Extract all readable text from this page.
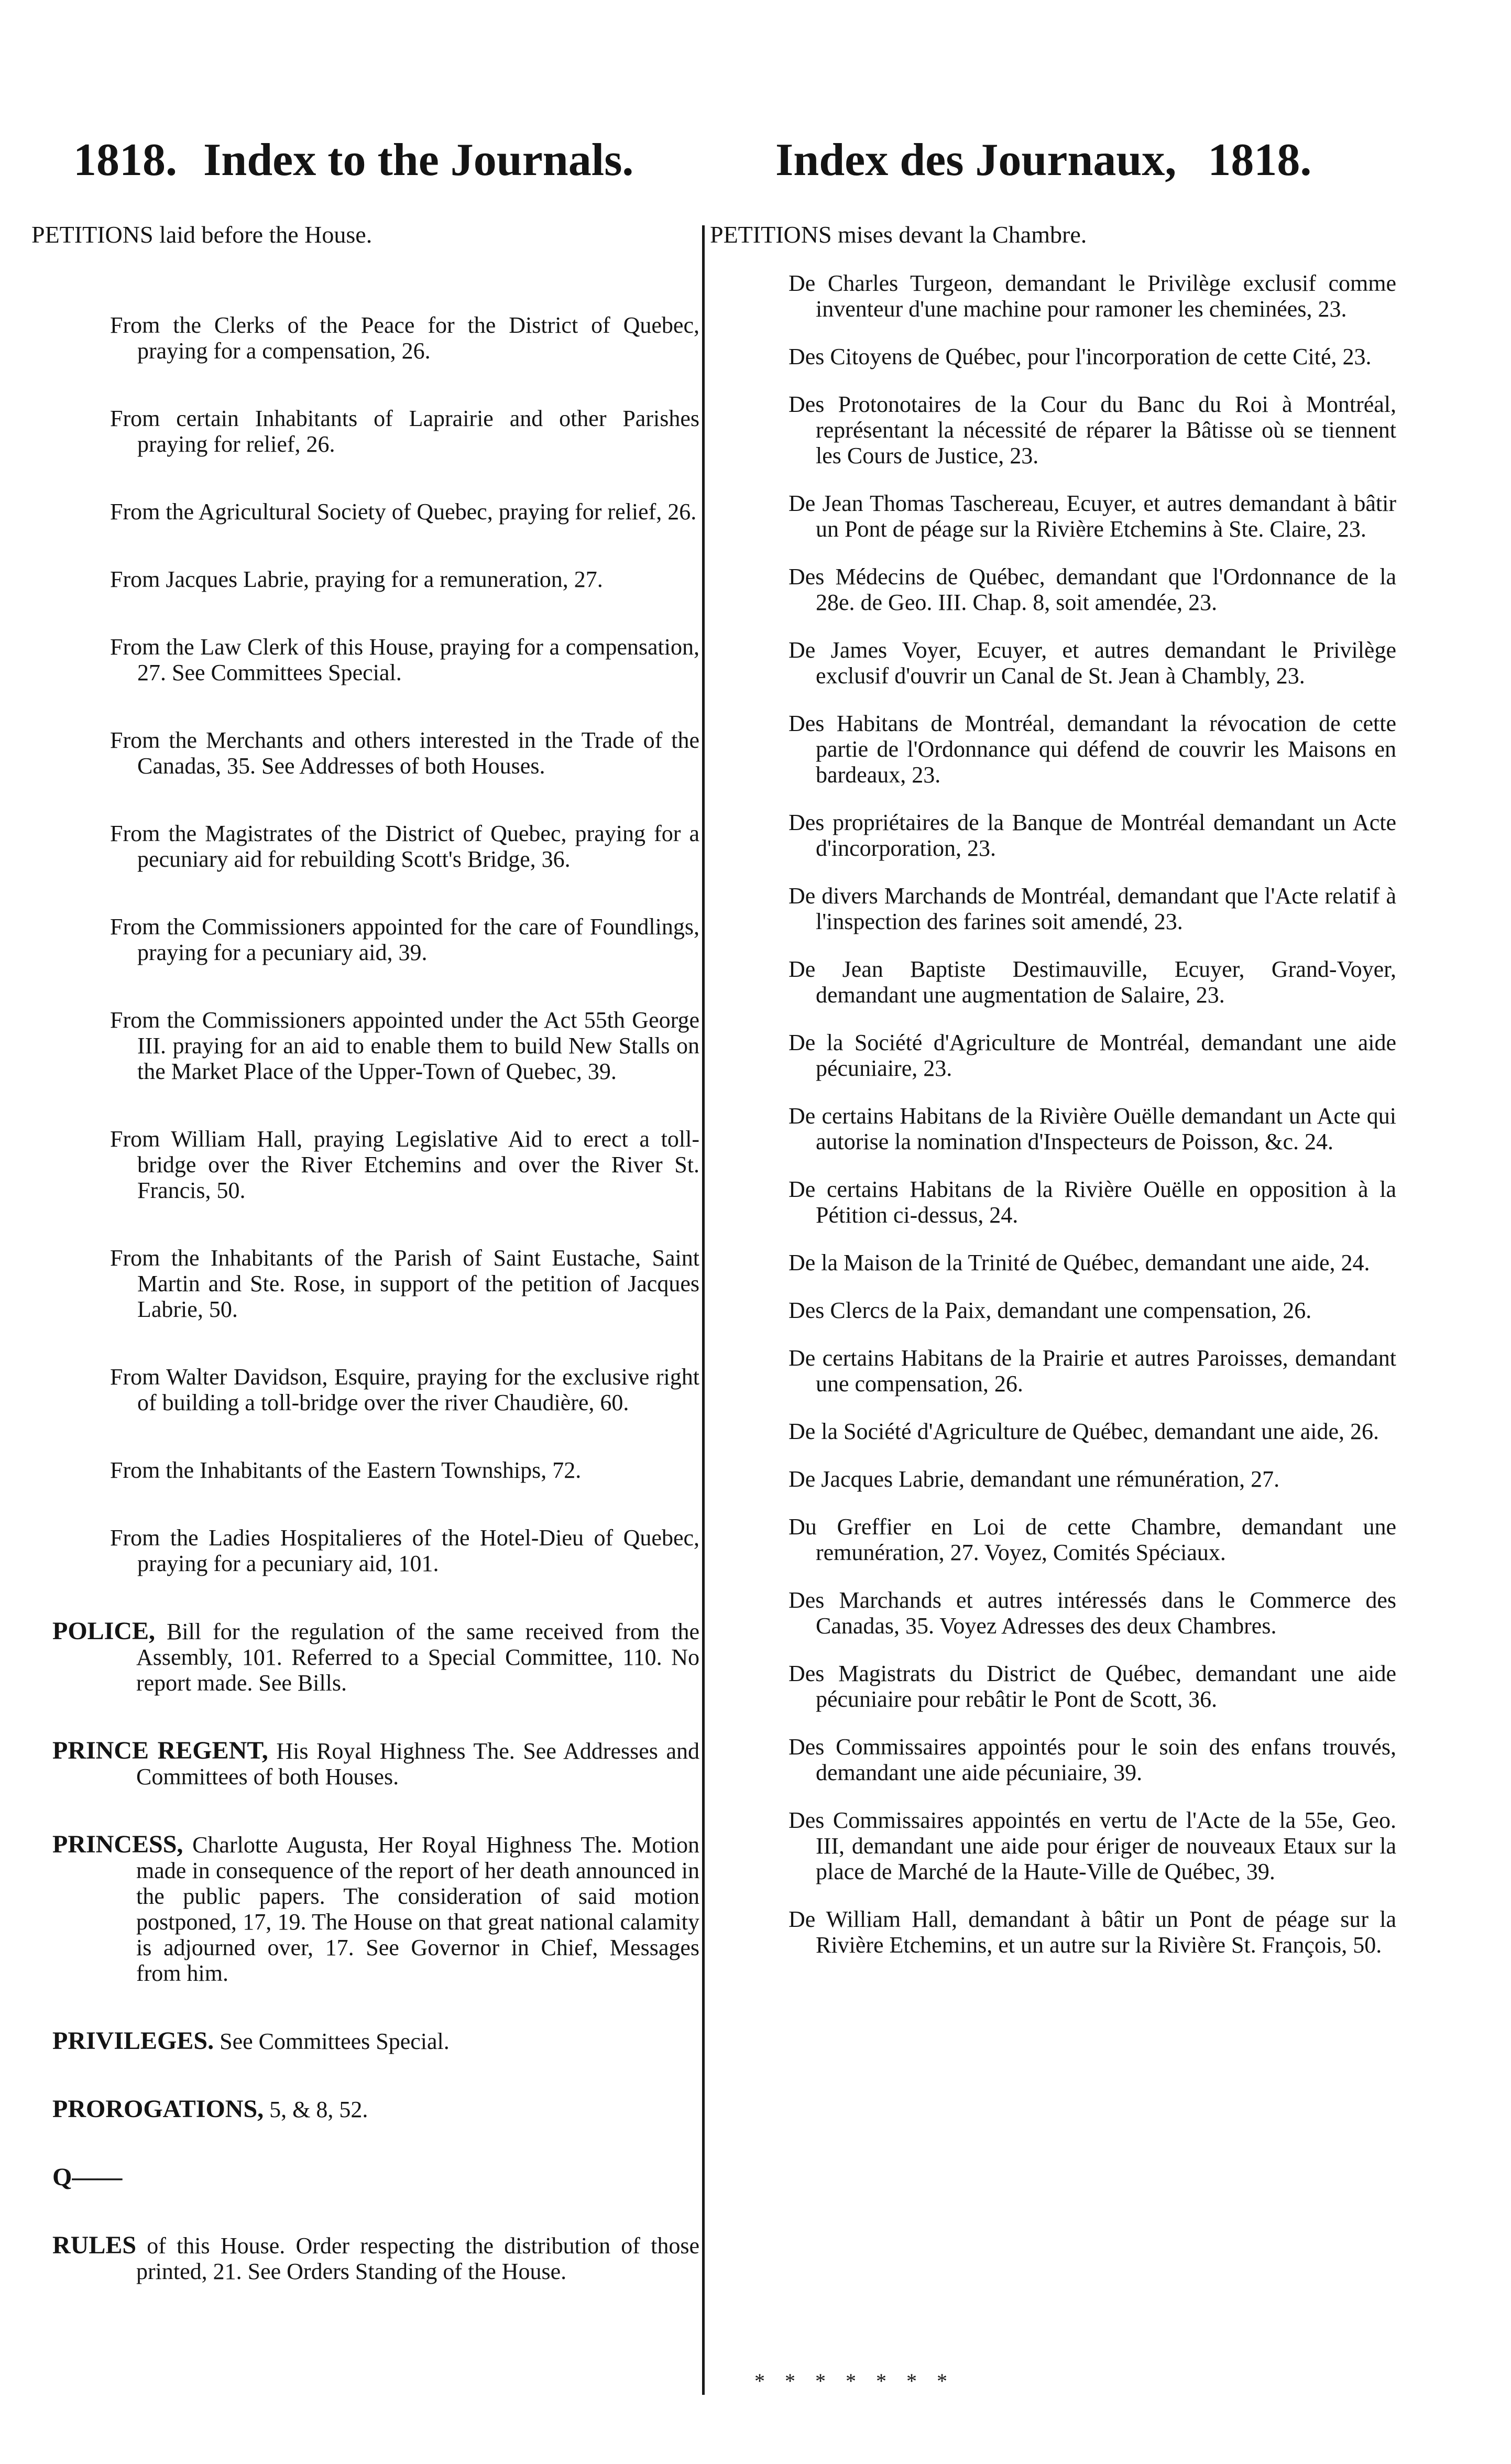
1818. Index to the Journals.	Index des Journaux, 1818.
PETITIONS laid before the House.

From the Clerks of the Peace for the District of Quebec, praying for a compensation, 26.

From certain Inhabitants of Laprairie and other Parishes praying for relief, 26.

From the Agricultural Society of Quebec, praying for relief, 26.

From Jacques Labrie, praying for a remuneration, 27.

From the Law Clerk of this House, praying for a compensation, 27. See Committees Special.

From the Merchants and others interested in the Trade of the Canadas, 35. See Addresses of both Houses.

From the Magistrates of the District of Quebec, praying for a pecuniary aid for rebuilding Scott's Bridge, 36.

From the Commissioners appointed for the care of Foundlings, praying for a pecuniary aid, 39.

From the Commissioners appointed under the Act 55th George III. praying for an aid to enable them to build New Stalls on the Market Place of the Upper-Town of Quebec, 39.

From William Hall, praying Legislative Aid to erect a toll-bridge over the River Etchemins and over the River St. Francis, 50.

From the Inhabitants of the Parish of Saint Eustache, Saint Martin and Ste. Rose, in support of the petition of Jacques Labrie, 50.

From Walter Davidson, Esquire, praying for the exclusive right of building a toll-bridge over the river Chaudière, 60.

From the Inhabitants of the Eastern Townships, 72.

From the Ladies Hospitalieres of the Hotel-Dieu of Quebec, praying for a pecuniary aid, 101.

POLICE, Bill for the regulation of the same received from the Assembly, 101. Referred to a Special Committee, 110. No report made. See Bills.

PRINCE REGENT, His Royal Highness The. See Addresses and Committees of both Houses.

PRINCESS, Charlotte Augusta, Her Royal Highness The. Motion made in consequence of the report of her death announced in the public papers. The consideration of said motion postponed, 17, 19. The House on that great national calamity is adjourned over, 17. See Governor in Chief, Messages from him.

PRIVILEGES. See Committees Special.

PROROGATIONS, 5, & 8, 52.

Q——

RULES of this House. Order respecting the distribution of those printed, 21. See Orders Standing of the House.

PETITIONS mises devant la Chambre.

De Charles Turgeon, demandant le Privilège exclusif comme inventeur d'une machine pour ramoner les cheminées, 23.

Des Citoyens de Québec, pour l'incorporation de cette Cité, 23.

Des Protonotaires de la Cour du Banc du Roi à Montréal, représentant la nécessité de réparer la Bâtisse où se tiennent les Cours de Justice, 23.

De Jean Thomas Taschereau, Ecuyer, et autres demandant à bâtir un Pont de péage sur la Rivière Etchemins à Ste. Claire, 23.

Des Médecins de Québec, demandant que l'Ordonnance de la 28e. de Geo. III. Chap. 8, soit amendée, 23.

De James Voyer, Ecuyer, et autres demandant le Privilège exclusif d'ouvrir un Canal de St. Jean à Chambly, 23.

Des Habitans de Montréal, demandant la révocation de cette partie de l'Ordonnance qui défend de couvrir les Maisons en bardeaux, 23.

Des propriétaires de la Banque de Montréal demandant un Acte d'incorporation, 23.

De divers Marchands de Montréal, demandant que l'Acte relatif à l'inspection des farines soit amendé, 23.

De Jean Baptiste Destimauville, Ecuyer, Grand-Voyer, demandant une augmentation de Salaire, 23.

De la Société d'Agriculture de Montréal, demandant une aide pécuniaire, 23.

De certains Habitans de la Rivière Ouëlle demandant un Acte qui autorise la nomination d'Inspecteurs de Poisson, &c. 24.

De certains Habitans de la Rivière Ouëlle en opposition à la Pétition ci-dessus, 24.

De la Maison de la Trinité de Québec, demandant une aide, 24.

Des Clercs de la Paix, demandant une compensation, 26.

De certains Habitans de la Prairie et autres Paroisses, demandant une compensation, 26.

De la Société d'Agriculture de Québec, demandant une aide, 26.

De Jacques Labrie, demandant une rémunération, 27.

Du Greffier en Loi de cette Chambre, demandant une remunération, 27. Voyez, Comités Spéciaux.

Des Marchands et autres intéressés dans le Commerce des Canadas, 35. Voyez Adresses des deux Chambres.

Des Magistrats du District de Québec, demandant une aide pécuniaire pour rebâtir le Pont de Scott, 36.

Des Commissaires appointés pour le soin des enfans trouvés, demandant une aide pécuniaire, 39.

Des Commissaires appointés en vertu de l'Acte de la 55e, Geo. III, demandant une aide pour ériger de nouveaux Etaux sur la place de Marché de la Haute-Ville de Québec, 39.

De William Hall, demandant à bâtir un Pont de péage sur la Rivière Etchemins, et un autre sur la Rivière St. François, 50.

* * * * * * *
